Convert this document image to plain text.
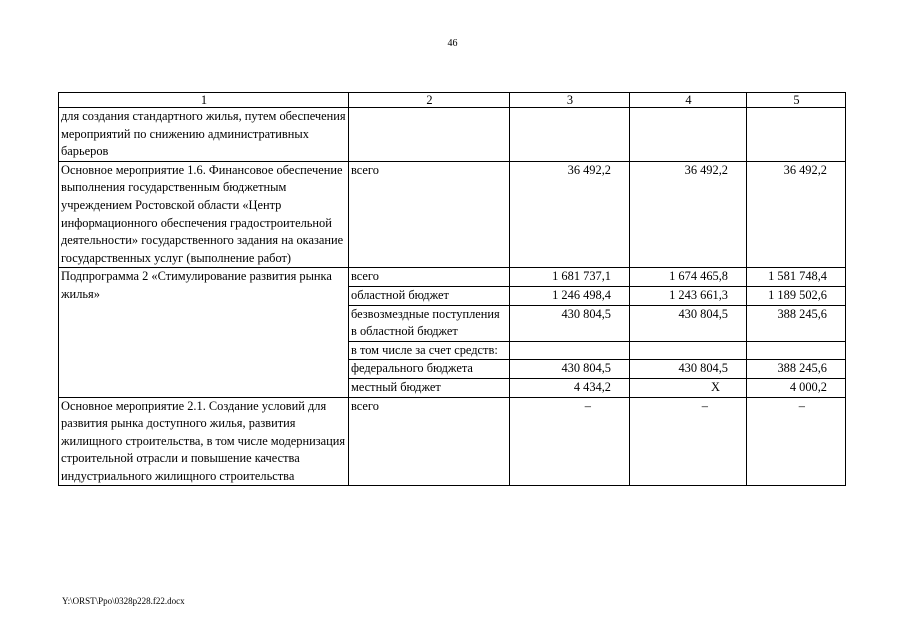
46
1	2	3	4	5
для создания стандартного жилья, путем обеспечения мероприятий по снижению административных барьеров				
Основное мероприятие 1.6. Финансовое обеспечение выполнения государственным бюджетным учреждением Ростовской области «Центр информационного обеспечения градостроительной деятельности» государственного задания на оказание государственных услуг (выполнение работ)	всего	36 492,2	36 492,2	36 492,2
Подпрограмма 2 «Стимулирование развития рынка жилья»	всего	1 681 737,1	1 674 465,8	1 581 748,4
	областной бюджет	1 246 498,4	1 243 661,3	1 189 502,6
	безвозмездные поступления в областной бюджет	430 804,5	430 804,5	388 245,6
	в том числе за счет средств:			
	федерального бюджета	430 804,5	430 804,5	388 245,6
	местный бюджет	4 434,2	Х	4 000,2
Основное мероприятие 2.1. Создание условий для развития рынка доступного жилья, развития жилищного строительства, в том числе модернизация строительной отрасли и повышение качества индустриального жилищного строительства	всего	–	–	–
Y:\ORST\Ppo\0328p228.f22.docx
